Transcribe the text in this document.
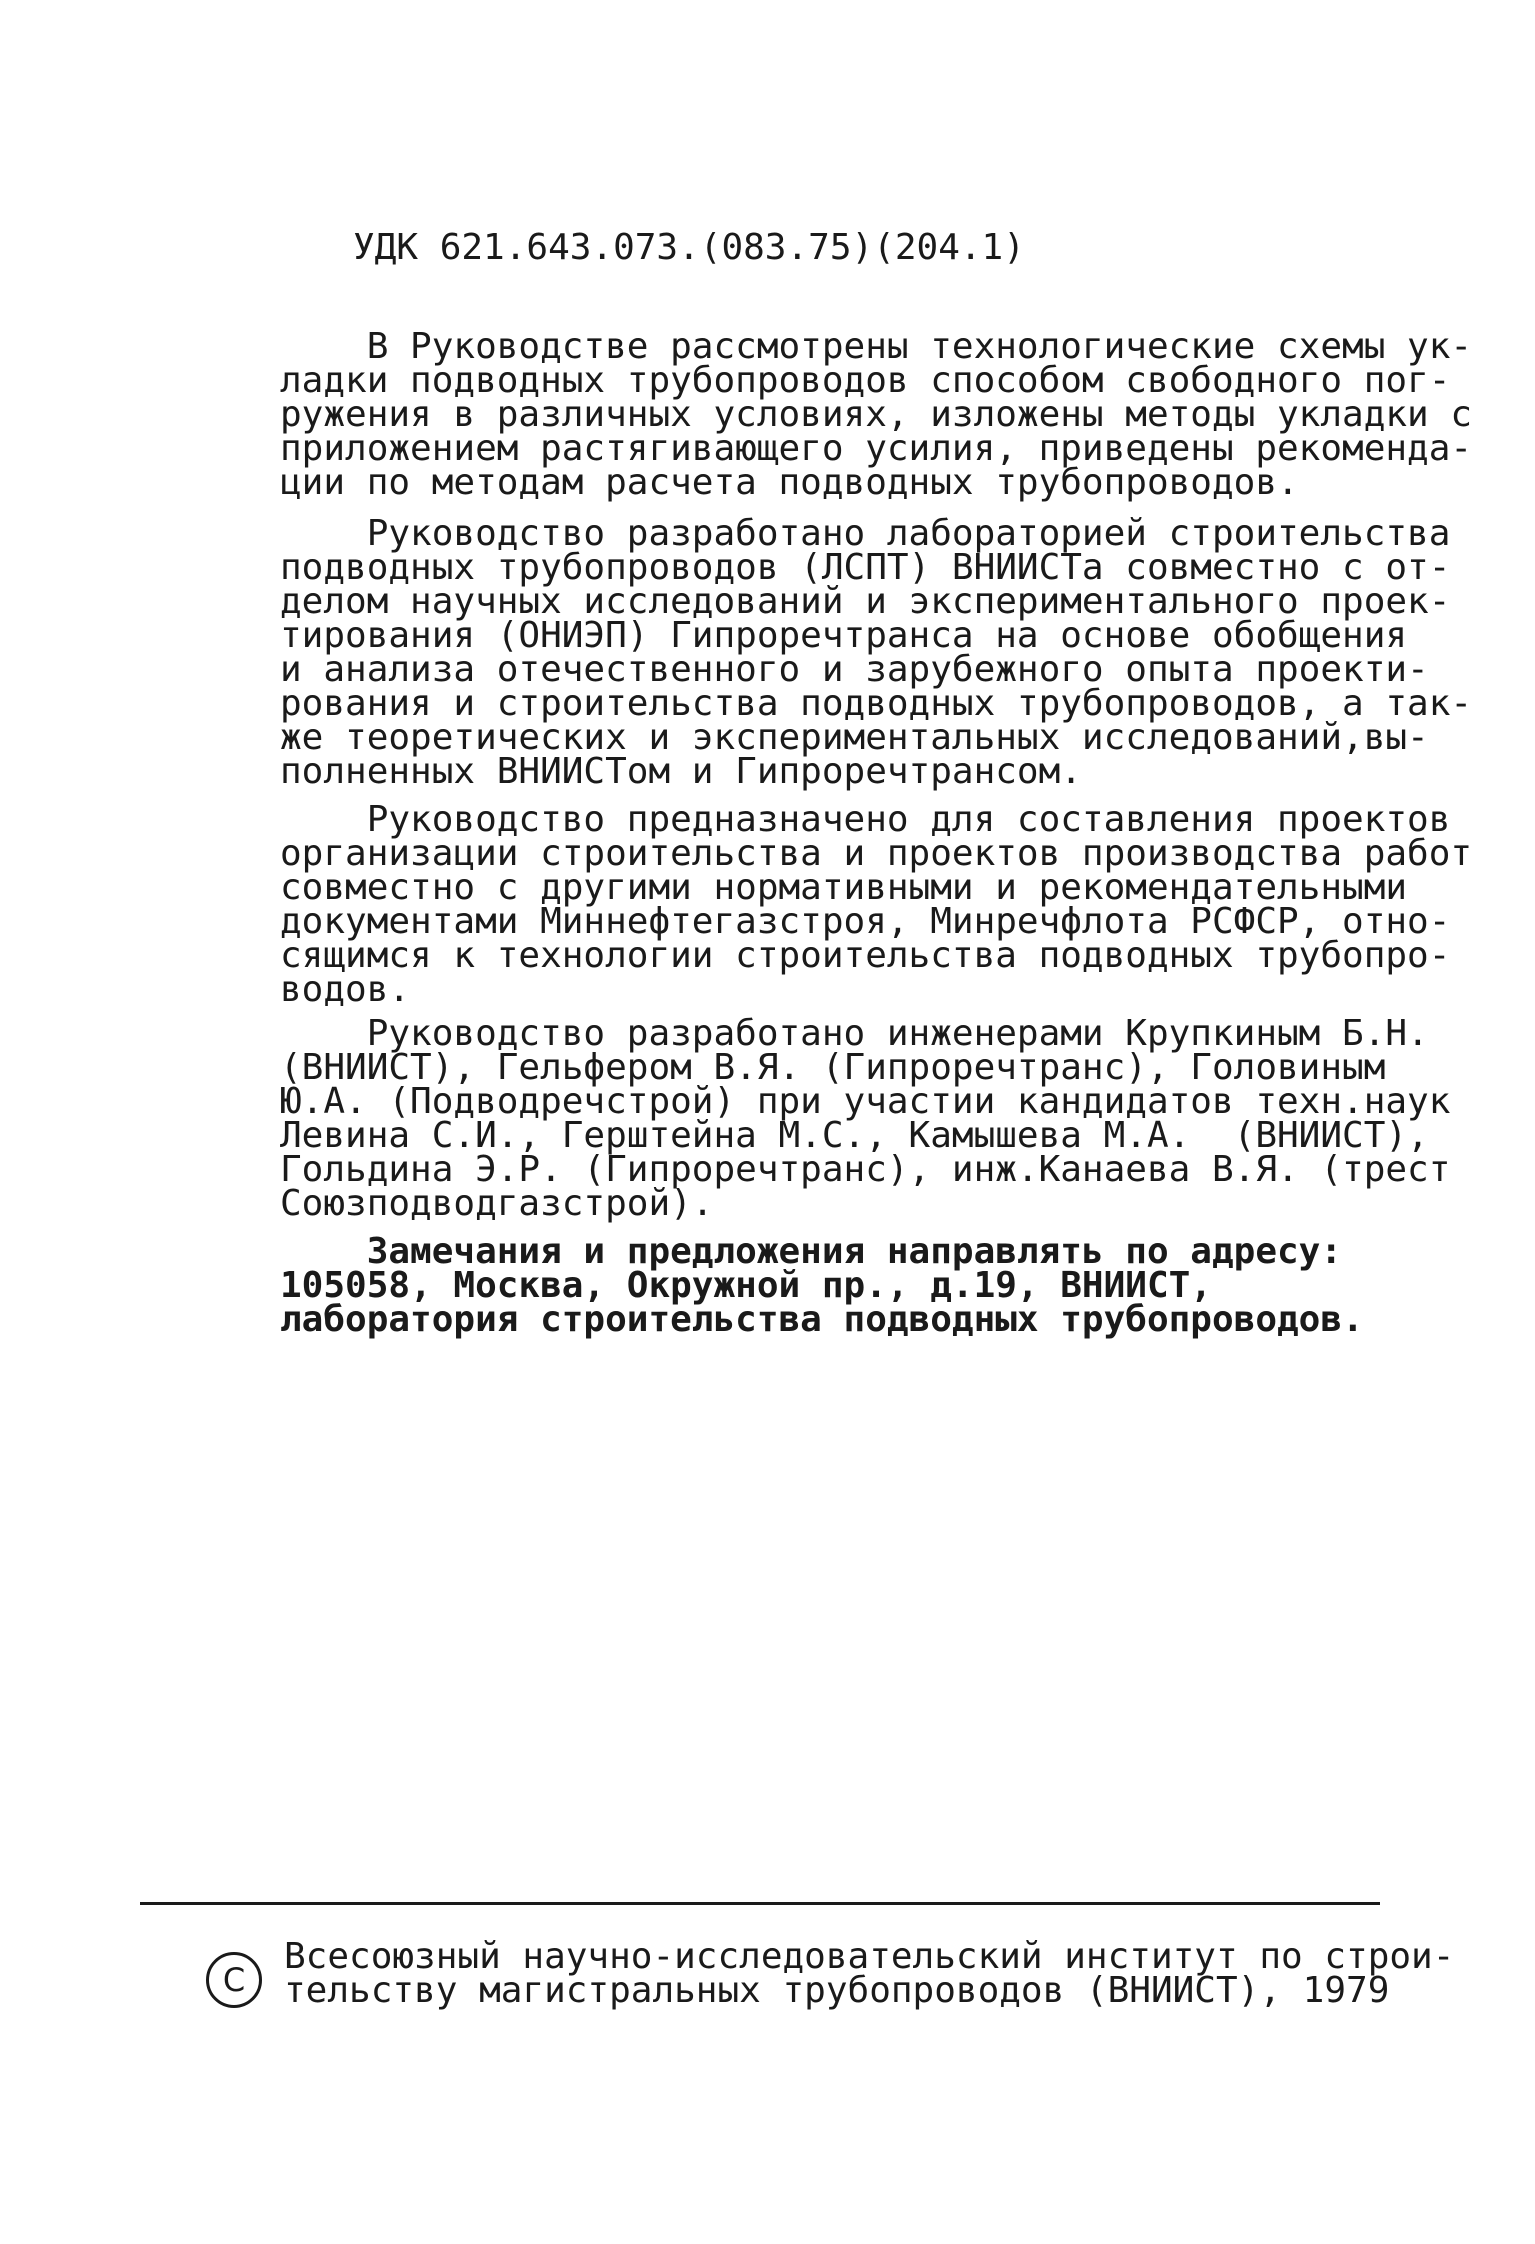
УДК 621.643.073.(083.75)(204.1)
В Руководстве рассмотрены технологические схемы ук-
ладки подводных трубопроводов способом свободного пог-
ружения в различных условиях, изложены методы укладки с
приложением растягивающего усилия, приведены рекоменда-
ции по методам расчета подводных трубопроводов.
Руководство разработано лабораторией строительства
подводных трубопроводов (ЛСПТ) ВНИИСТа совместно с от-
делом научных исследований и экспериментального проек-
тирования (ОНИЭП) Гипроречтранса на основе обобщения
и анализа отечественного и зарубежного опыта проекти-
рования и строительства подводных трубопроводов, а так-
же теоретических и экспериментальных исследований,вы-
полненных ВНИИСТом и Гипроречтрансом.
Руководство предназначено для составления проектов
организации строительства и проектов производства работ
совместно с другими нормативными и рекомендательными
документами Миннефтегазстроя, Минречфлота РСФСР, отно-
сящимся к технологии строительства подводных трубопро-
водов.
Руководство разработано инженерами Крупкиным Б.Н.
(ВНИИСТ), Гельфером В.Я. (Гипроречтранс), Головиным
Ю.А. (Подводречстрой) при участии кандидатов техн.наук
Левина С.И., Герштейна М.С., Камышева М.А.  (ВНИИСТ),
Гольдина Э.Р. (Гипроречтранс), инж.Канаева В.Я. (трест
Союзподводгазстрой).
Замечания и предложения направлять по адресу:
105058, Москва, Окружной пр., д.19, ВНИИСТ,
лаборатория строительства подводных трубопроводов.
C
Всесоюзный научно-исследовательский институт по строи-
тельству магистральных трубопроводов (ВНИИСТ), 1979
